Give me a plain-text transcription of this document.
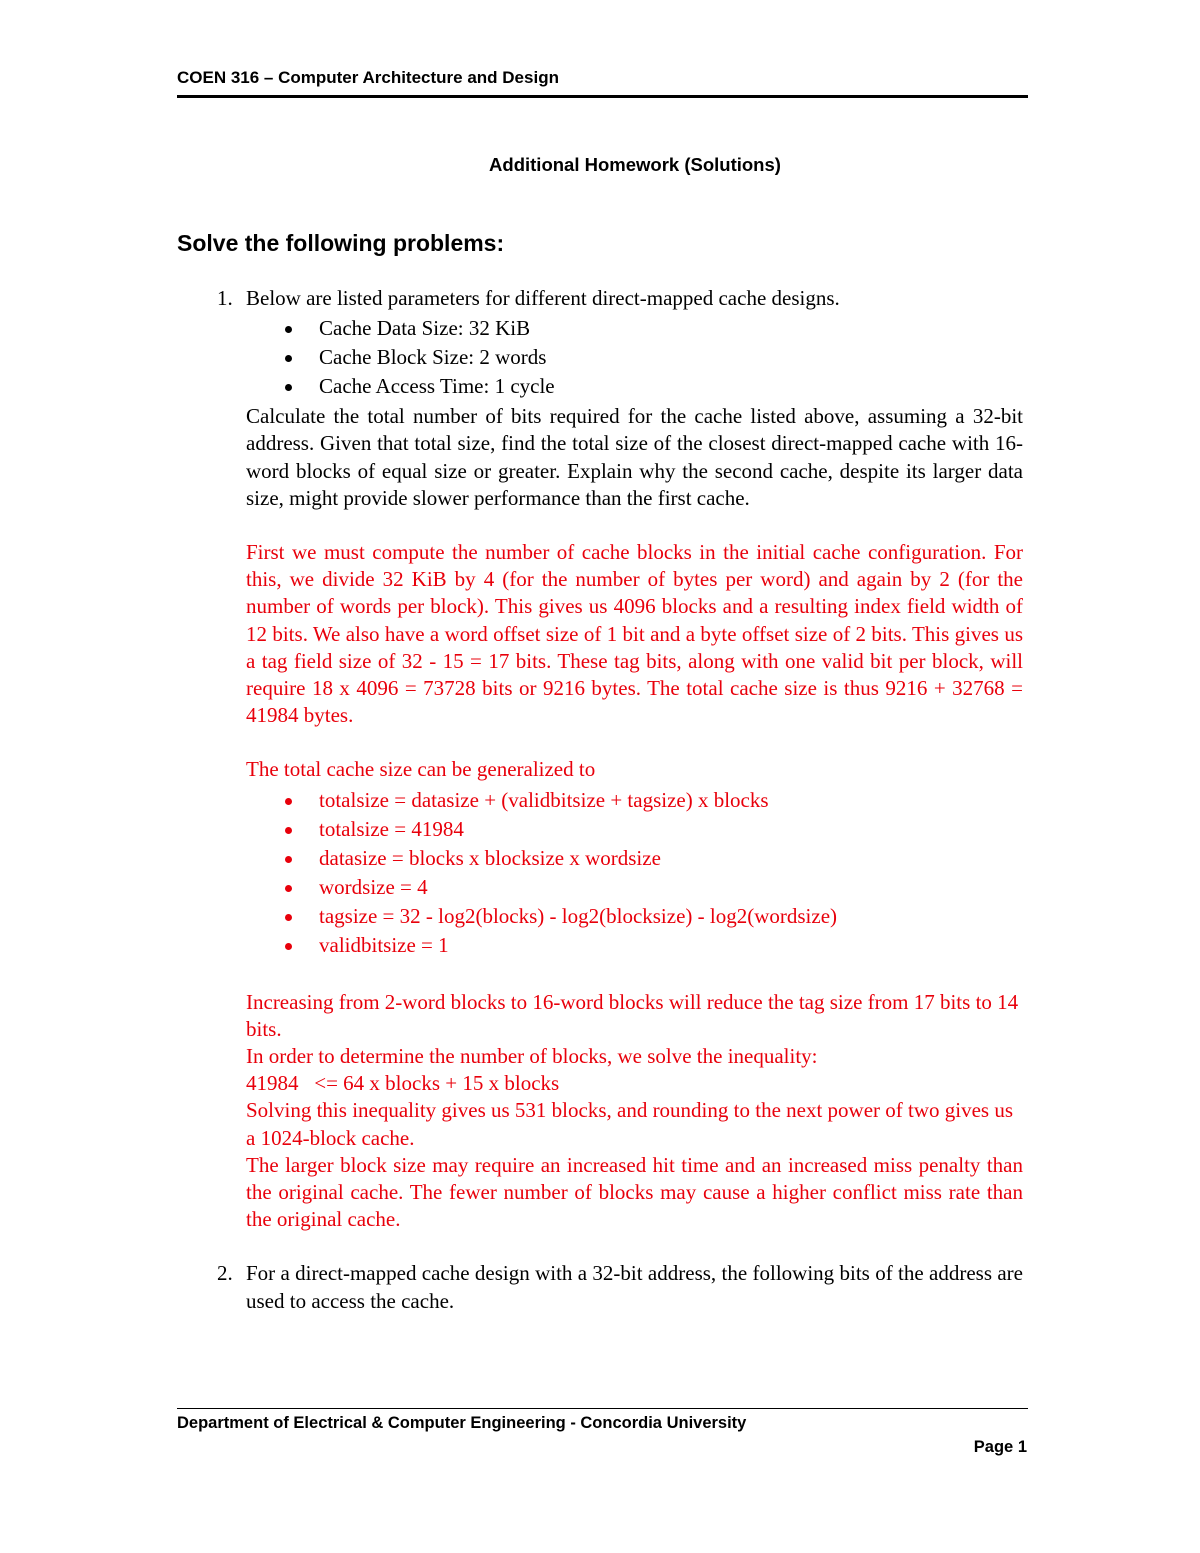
COEN 316 – Computer Architecture and Design
Additional Homework (Solutions)
Solve the following problems:
1. Below are listed parameters for different direct-mapped cache designs.
Cache Data Size: 32 KiB
Cache Block Size: 2 words
Cache Access Time: 1 cycle
Calculate the total number of bits required for the cache listed above, assuming a 32-bit address. Given that total size, find the total size of the closest direct-mapped cache with 16-word blocks of equal size or greater. Explain why the second cache, despite its larger data size, might provide slower performance than the first cache.
First we must compute the number of cache blocks in the initial cache configuration. For this, we divide 32 KiB by 4 (for the number of bytes per word) and again by 2 (for the number of words per block). This gives us 4096 blocks and a resulting index field width of 12 bits. We also have a word offset size of 1 bit and a byte offset size of 2 bits. This gives us a tag field size of 32 - 15 = 17 bits. These tag bits, along with one valid bit per block, will require 18 x 4096 = 73728 bits or 9216 bytes. The total cache size is thus 9216 + 32768 = 41984 bytes.
The total cache size can be generalized to
totalsize = datasize + (validbitsize + tagsize) x blocks
totalsize = 41984
datasize = blocks x blocksize x wordsize
wordsize = 4
tagsize = 32 - log2(blocks) - log2(blocksize) - log2(wordsize)
validbitsize = 1
Increasing from 2-word blocks to 16-word blocks will reduce the tag size from 17 bits to 14 bits.
In order to determine the number of blocks, we solve the inequality:
41984   <= 64 x blocks + 15 x blocks
Solving this inequality gives us 531 blocks, and rounding to the next power of two gives us a 1024-block cache.
The larger block size may require an increased hit time and an increased miss penalty than the original cache. The fewer number of blocks may cause a higher conflict miss rate than the original cache.
2. For a direct-mapped cache design with a 32-bit address, the following bits of the address are used to access the cache.
Department of Electrical & Computer Engineering - Concordia University
Page 1
